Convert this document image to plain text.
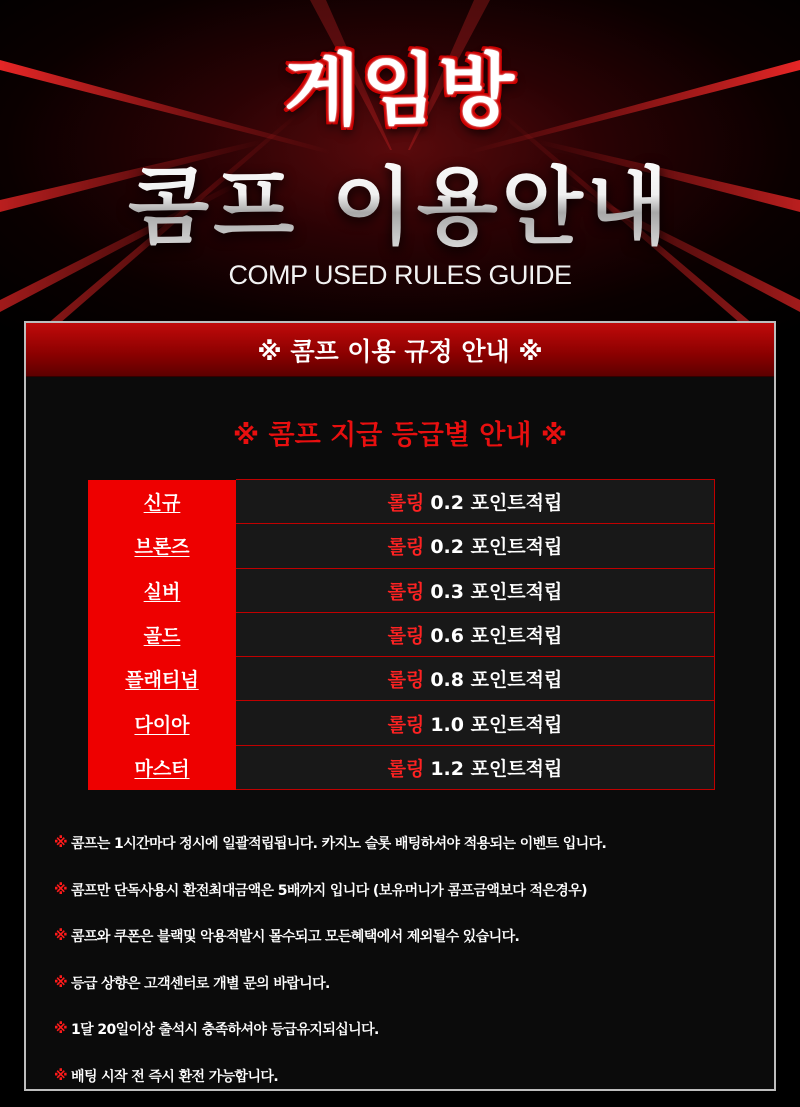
게임방
콤프 이용안내
COMP USED RULES GUIDE
※ 콤프 이용 규정 안내 ※
※ 콤프 지급 등급별 안내 ※
신규	롤링 0.2 포인트적립
브론즈	롤링 0.2 포인트적립
실버	롤링 0.3 포인트적립
골드	롤링 0.6 포인트적립
플래티넘	롤링 0.8 포인트적립
다이아	롤링 1.0 포인트적립
마스터	롤링 1.2 포인트적립
※ 콤프는 1시간마다 정시에 일괄적립됩니다. 카지노 슬롯 배팅하셔야 적용되는 이벤트 입니다.
※ 콤프만 단독사용시 환전최대금액은 5배까지 입니다 (보유머니가 콤프금액보다 적은경우)
※ 콤프와 쿠폰은 블랙및 악용적발시 몰수되고 모든혜택에서 제외될수 있습니다.
※ 등급 상향은 고객센터로 개별 문의 바랍니다.
※ 1달 20일이상 출석시 충족하셔야 등급유지되십니다.
※ 배팅 시작 전 즉시 환전 가능합니다.
